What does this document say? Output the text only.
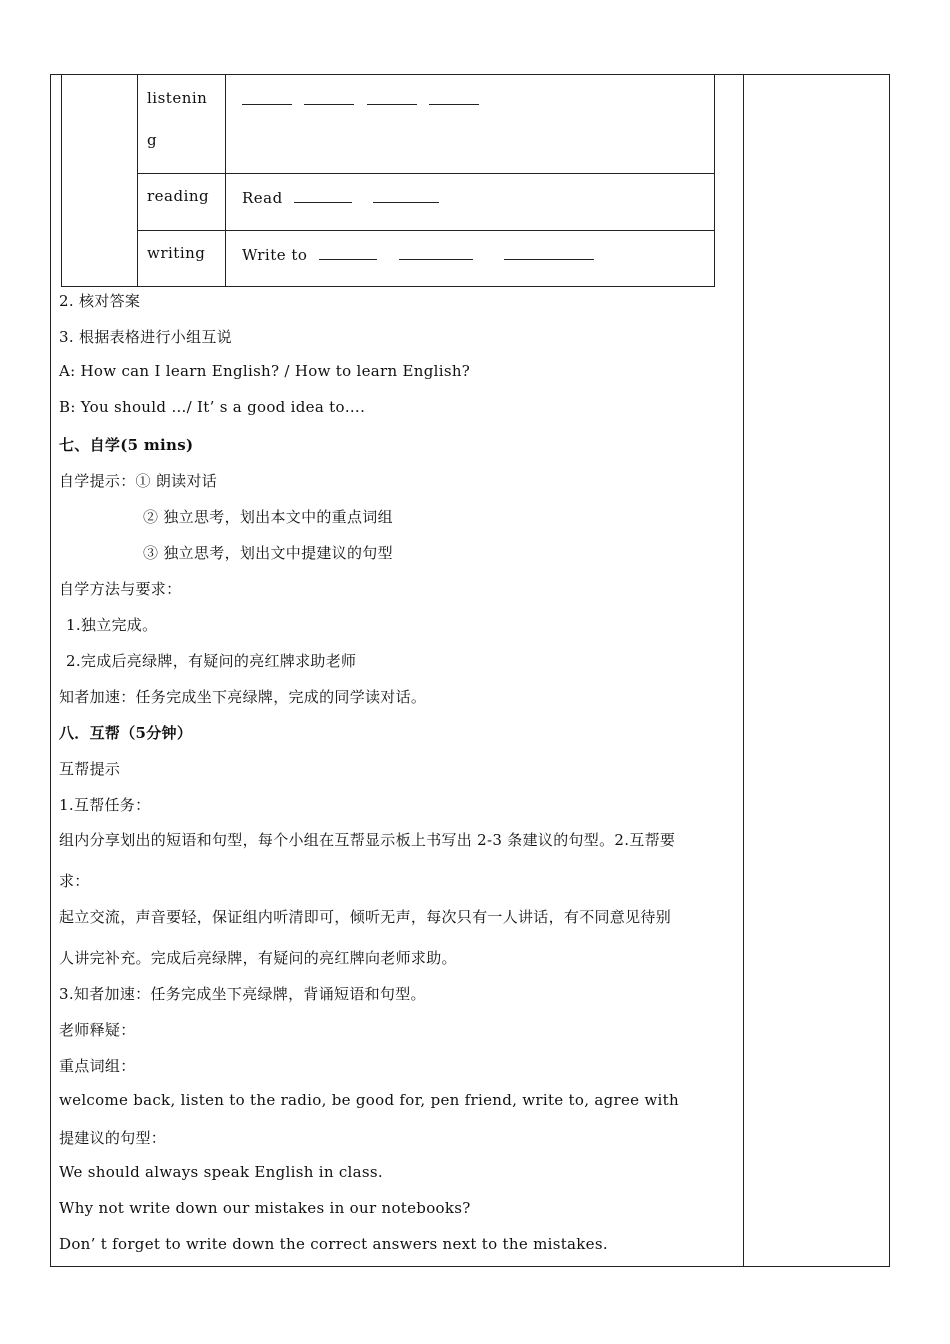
listenin
g

reading Read
writing Write to
2. 核对答案
3. 根据表格进行小组互说
A: How can I learn English? / How to learn English?
B: You should …/ It’ s a good idea to….
七、自学(5 mins)
自学提示：① 朗读对话
② 独立思考，划出本文中的重点词组
③ 独立思考，划出文中提建议的句型
自学方法与要求：
1.独立完成。
2.完成后亮绿牌，有疑问的亮红牌求助老师
知者加速：任务完成坐下亮绿牌，完成的同学读对话。
八．互帮（5分钟）
互帮提示
1.互帮任务：
组内分享划出的短语和句型，每个小组在互帮显示板上书写出 2-3 条建议的句型。2.互帮要
求：
起立交流，声音要轻，保证组内听清即可，倾听无声，每次只有一人讲话，有不同意见待别
人讲完补充。完成后亮绿牌，有疑问的亮红牌向老师求助。
3.知者加速：任务完成坐下亮绿牌，背诵短语和句型。
老师释疑：
重点词组：
welcome back, listen to the radio, be good for, pen friend, write to, agree with
提建议的句型：
We should always speak English in class.
Why not write down our mistakes in our notebooks?
Don’ t forget to write down the correct answers next to the mistakes.
